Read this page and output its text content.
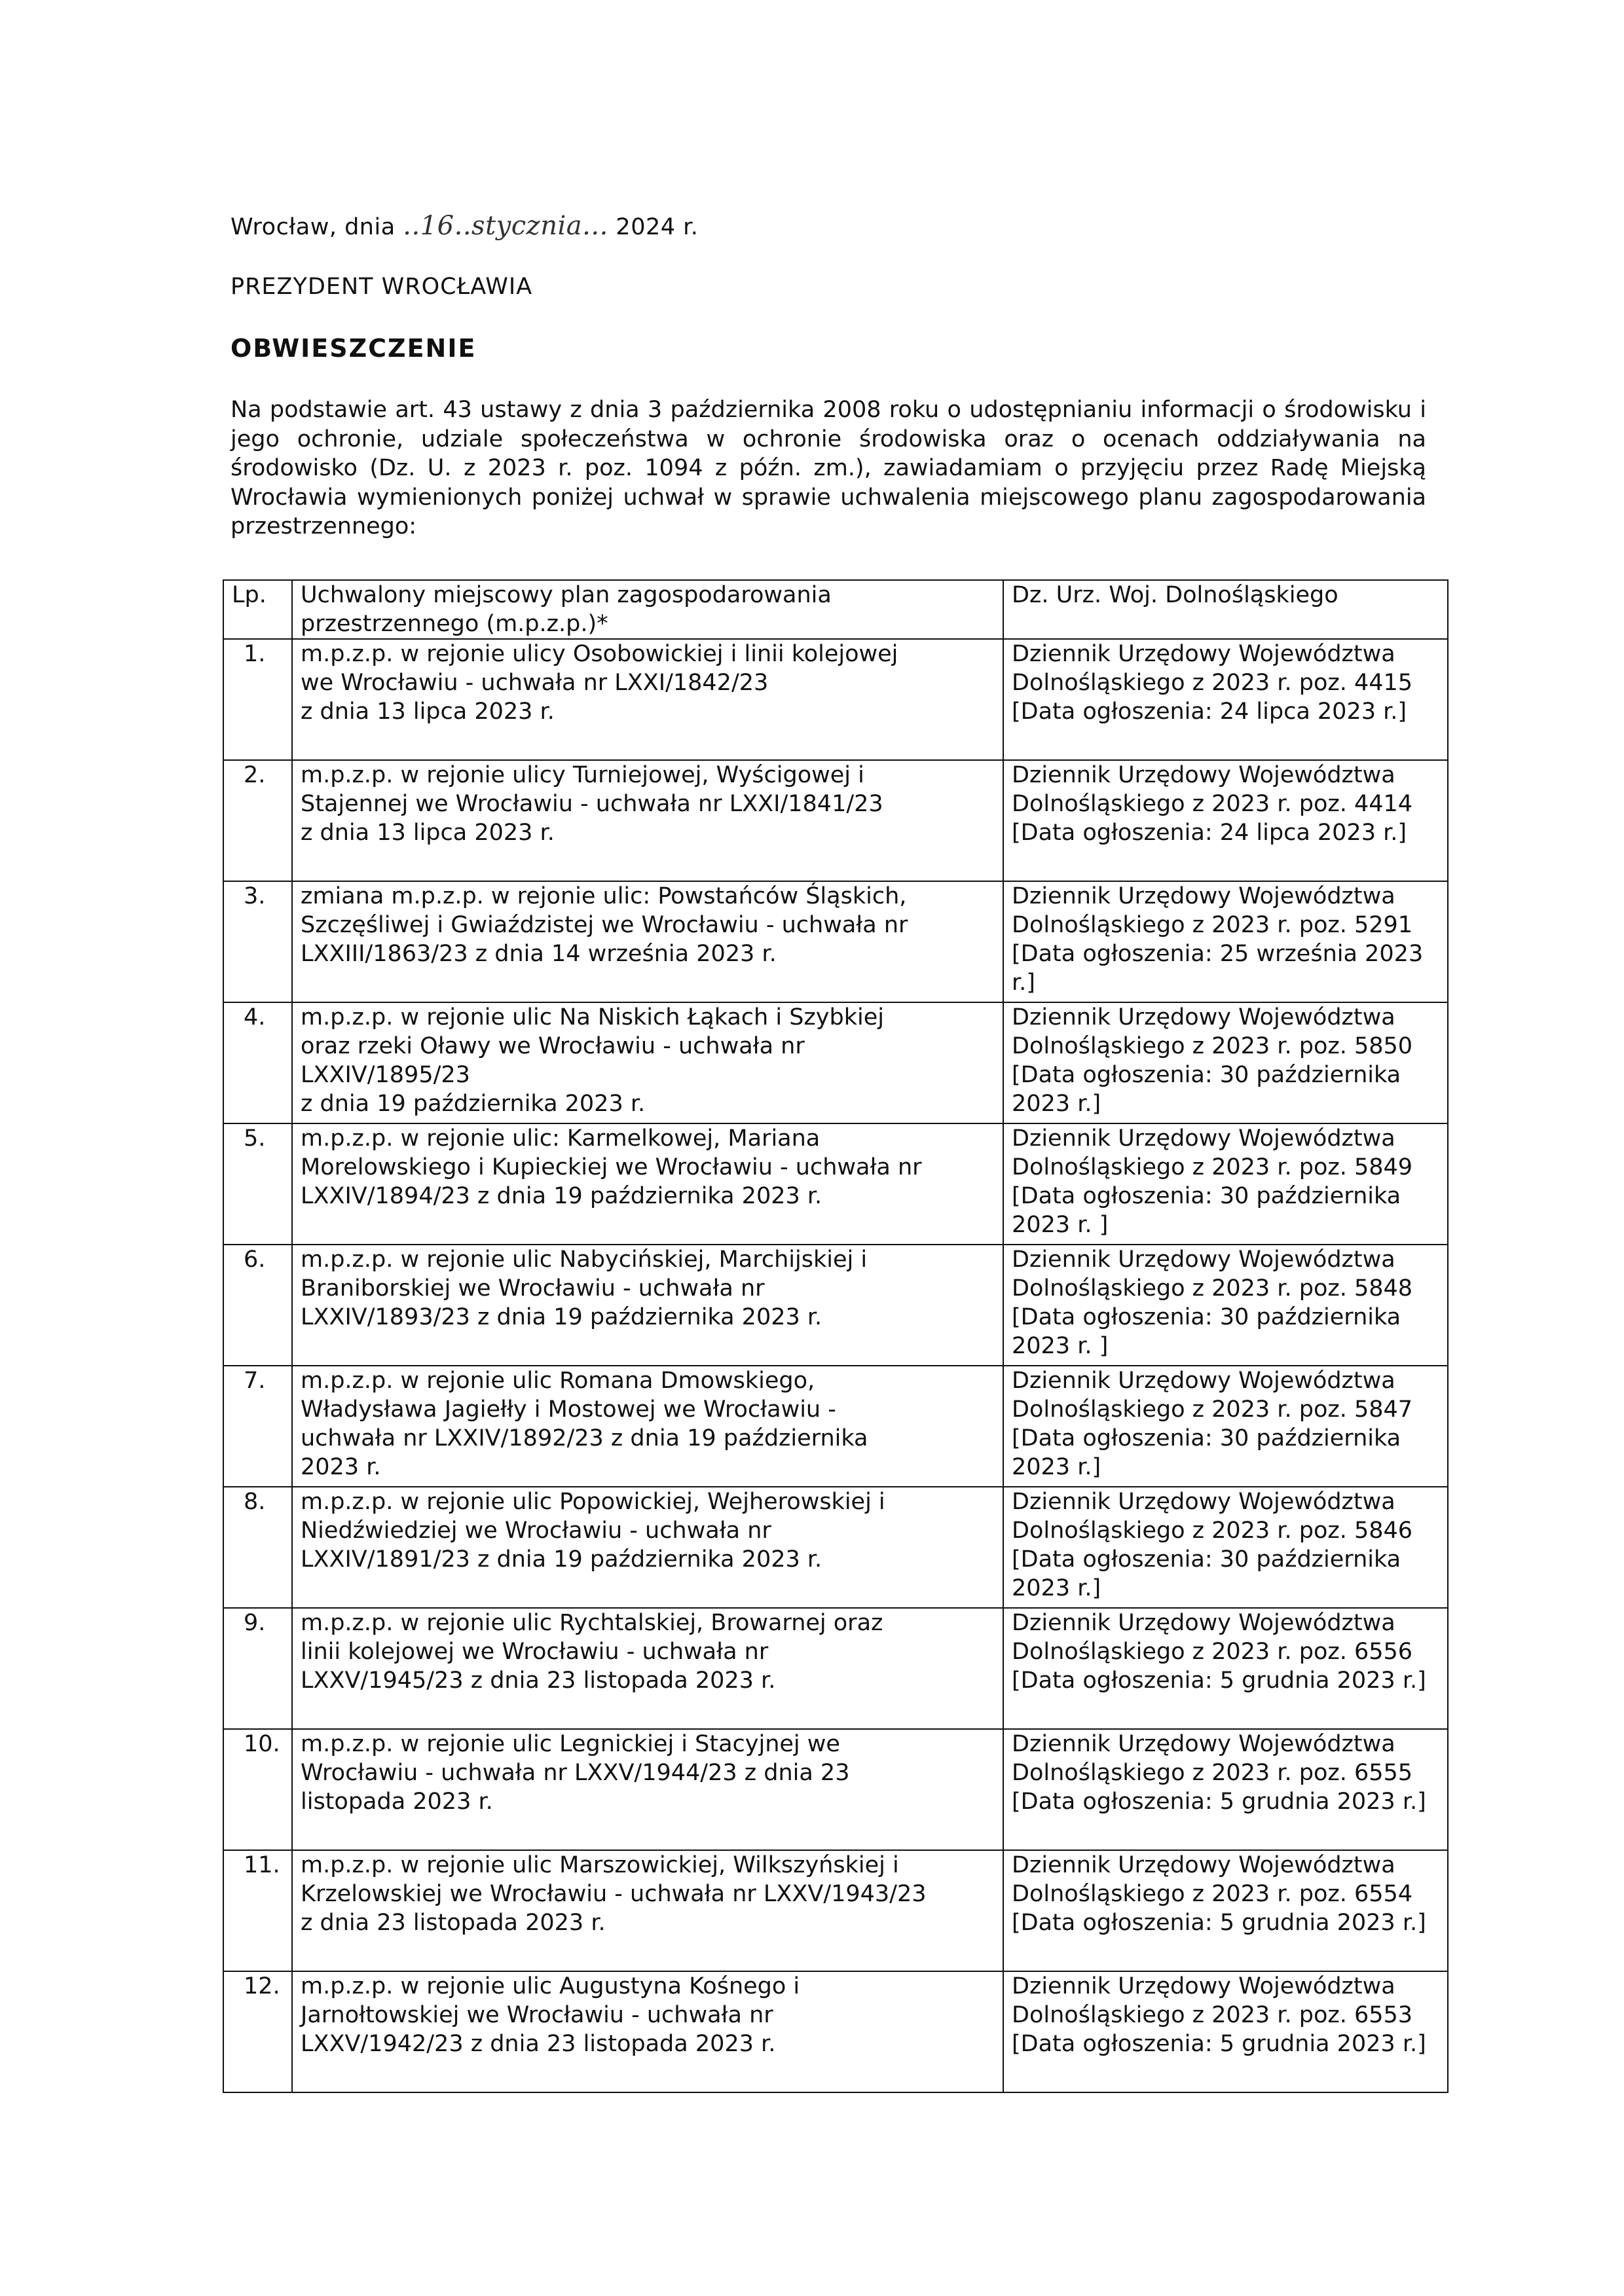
Wrocław, dnia ..16..stycznia... 2024 r.
PREZYDENT WROCŁAWIA
OBWIESZCZENIE
Na podstawie art. 43 ustawy z dnia 3 października 2008 roku o udostępnianiu informacji o środowisku i jego ochronie, udziale społeczeństwa w ochronie środowiska oraz o ocenach oddziaływania na środowisko (Dz. U. z 2023 r. poz. 1094 z późn. zm.), zawiadamiam o przyjęciu przez Radę Miejską Wrocławia wymienionych poniżej uchwał w sprawie uchwalenia miejscowego planu zagospodarowania przestrzennego:
Lp.	Uchwalony miejscowy plan zagospodarowania przestrzennego (m.p.z.p.)*	Dz. Urz. Woj. Dolnośląskiego

1.	m.p.z.p. w rejonie ulicy Osobowickiej i linii kolejowej
we Wrocławiu - uchwała nr LXXI/1842/23
z dnia 13 lipca 2023 r.	Dziennik Urzędowy Województwa Dolnośląskiego z 2023 r. poz. 4415 [Data ogłoszenia: 24 lipca 2023 r.]

2.	m.p.z.p. w rejonie ulicy Turniejowej, Wyścigowej i
Stajennej we Wrocławiu - uchwała nr LXXI/1841/23
z dnia 13 lipca 2023 r.	Dziennik Urzędowy Województwa Dolnośląskiego z 2023 r. poz. 4414 [Data ogłoszenia: 24 lipca 2023 r.]

3.	zmiana m.p.z.p. w rejonie ulic: Powstańców Śląskich,
Szczęśliwej i Gwiaździstej we Wrocławiu - uchwała nr
LXXIII/1863/23 z dnia 14 września 2023 r.	Dziennik Urzędowy Województwa Dolnośląskiego z 2023 r. poz. 5291 [Data ogłoszenia: 25 września 2023 r.]

4.	m.p.z.p. w rejonie ulic Na Niskich Łąkach i Szybkiej
oraz rzeki Oławy we Wrocławiu - uchwała nr
LXXIV/1895/23
z dnia 19 października 2023 r.	Dziennik Urzędowy Województwa Dolnośląskiego z 2023 r. poz. 5850 [Data ogłoszenia: 30 października 2023 r.]

5.	m.p.z.p. w rejonie ulic: Karmelkowej, Mariana
Morelowskiego i Kupieckiej we Wrocławiu - uchwała nr
LXXIV/1894/23 z dnia 19 października 2023 r.	Dziennik Urzędowy Województwa Dolnośląskiego z 2023 r. poz. 5849 [Data ogłoszenia: 30 października 2023 r. ]

6.	m.p.z.p. w rejonie ulic Nabycińskiej, Marchijskiej i
Braniborskiej we Wrocławiu - uchwała nr
LXXIV/1893/23 z dnia 19 października 2023 r.	Dziennik Urzędowy Województwa Dolnośląskiego z 2023 r. poz. 5848 [Data ogłoszenia: 30 października 2023 r. ]

7.	m.p.z.p. w rejonie ulic Romana Dmowskiego,
Władysława Jagiełły i Mostowej we Wrocławiu -
uchwała nr LXXIV/1892/23 z dnia 19 października
2023 r.	Dziennik Urzędowy Województwa Dolnośląskiego z 2023 r. poz. 5847 [Data ogłoszenia: 30 października 2023 r.]

8.	m.p.z.p. w rejonie ulic Popowickiej, Wejherowskiej i
Niedźwiedziej we Wrocławiu - uchwała nr
LXXIV/1891/23 z dnia 19 października 2023 r.	Dziennik Urzędowy Województwa Dolnośląskiego z 2023 r. poz. 5846 [Data ogłoszenia: 30 października 2023 r.]

9.	m.p.z.p. w rejonie ulic Rychtalskiej, Browarnej oraz
linii kolejowej we Wrocławiu - uchwała nr
LXXV/1945/23 z dnia 23 listopada 2023 r.	Dziennik Urzędowy Województwa Dolnośląskiego z 2023 r. poz. 6556 [Data ogłoszenia: 5 grudnia 2023 r.]

10.	m.p.z.p. w rejonie ulic Legnickiej i Stacyjnej we
Wrocławiu - uchwała nr LXXV/1944/23 z dnia 23
listopada 2023 r.	Dziennik Urzędowy Województwa Dolnośląskiego z 2023 r. poz. 6555 [Data ogłoszenia: 5 grudnia 2023 r.]

11.	m.p.z.p. w rejonie ulic Marszowickiej, Wilkszyńskiej i
Krzelowskiej we Wrocławiu - uchwała nr LXXV/1943/23
z dnia 23 listopada 2023 r.	Dziennik Urzędowy Województwa Dolnośląskiego z 2023 r. poz. 6554 [Data ogłoszenia: 5 grudnia 2023 r.]

12.	m.p.z.p. w rejonie ulic Augustyna Kośnego i
Jarnołtowskiej we Wrocławiu - uchwała nr
LXXV/1942/23 z dnia 23 listopada 2023 r.	Dziennik Urzędowy Województwa Dolnośląskiego z 2023 r. poz. 6553 [Data ogłoszenia: 5 grudnia 2023 r.]
